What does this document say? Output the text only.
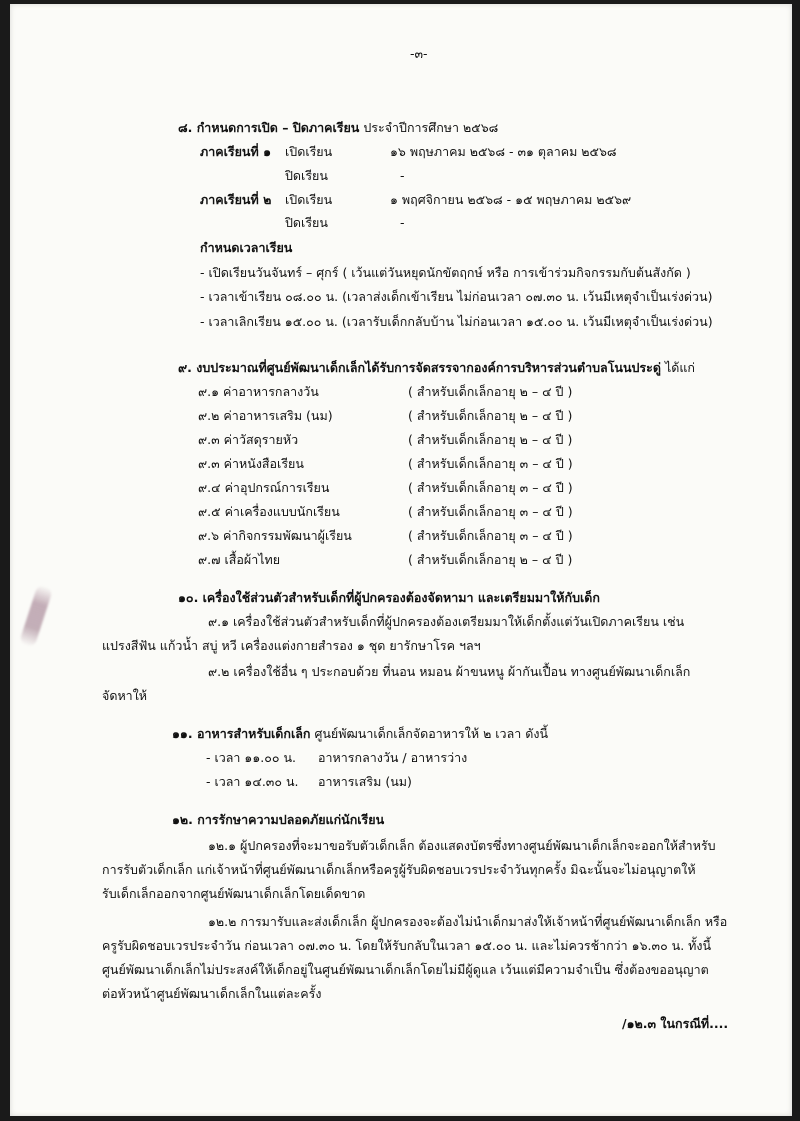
-๓-
๘. กำหนดการเปิด – ปิดภาคเรียน ประจำปีการศึกษา ๒๕๖๘
ภาคเรียนที่ ๑ เปิดเรียน	๑๖ พฤษภาคม ๒๕๖๘ - ๓๑ ตุลาคม ๒๕๖๘
ปิดเรียน	-
ภาคเรียนที่ ๒ เปิดเรียน	๑ พฤศจิกายน ๒๕๖๘ - ๑๕ พฤษภาคม ๒๕๖๙
ปิดเรียน	-
กำหนดเวลาเรียน
- เปิดเรียนวันจันทร์ – ศุกร์ ( เว้นแต่วันหยุดนักขัตฤกษ์ หรือ การเข้าร่วมกิจกรรมกับต้นสังกัด )
- เวลาเข้าเรียน ๐๘.๐๐ น. (เวลาส่งเด็กเข้าเรียน ไม่ก่อนเวลา ๐๗.๓๐ น. เว้นมีเหตุจำเป็นเร่งด่วน)
- เวลาเลิกเรียน ๑๕.๐๐ น. (เวลารับเด็กกลับบ้าน ไม่ก่อนเวลา ๑๕.๐๐ น. เว้นมีเหตุจำเป็นเร่งด่วน)
๙. งบประมาณที่ศูนย์พัฒนาเด็กเล็กได้รับการจัดสรรจากองค์การบริหารส่วนตำบลโนนประดู่ ได้แก่
๙.๑ ค่าอาหารกลางวัน	( สำหรับเด็กเล็กอายุ ๒ – ๔ ปี )
๙.๒ ค่าอาหารเสริม (นม)	( สำหรับเด็กเล็กอายุ ๒ – ๔ ปี )
๙.๓ ค่าวัสดุรายหัว	( สำหรับเด็กเล็กอายุ ๒ – ๔ ปี )
๙.๓ ค่าหนังสือเรียน	( สำหรับเด็กเล็กอายุ ๓ – ๔ ปี )
๙.๔ ค่าอุปกรณ์การเรียน	( สำหรับเด็กเล็กอายุ ๓ – ๔ ปี )
๙.๕ ค่าเครื่องแบบนักเรียน	( สำหรับเด็กเล็กอายุ ๓ – ๔ ปี )
๙.๖ ค่ากิจกรรมพัฒนาผู้เรียน	( สำหรับเด็กเล็กอายุ ๓ – ๔ ปี )
๙.๗ เสื้อผ้าไทย	( สำหรับเด็กเล็กอายุ ๒ – ๔ ปี )
๑๐. เครื่องใช้ส่วนตัวสำหรับเด็กที่ผู้ปกครองต้องจัดหามา และเตรียมมาให้กับเด็ก
๙.๑ เครื่องใช้ส่วนตัวสำหรับเด็กที่ผู้ปกครองต้องเตรียมมาให้เด็กตั้งแต่วันเปิดภาคเรียน เช่น
แปรงสีฟัน แก้วน้ำ สบู่ หวี เครื่องแต่งกายสำรอง ๑ ชุด ยารักษาโรค ฯลฯ
๙.๒ เครื่องใช้อื่น ๆ ประกอบด้วย ที่นอน หมอน ผ้าขนหนู ผ้ากันเปื้อน ทางศูนย์พัฒนาเด็กเล็ก
จัดหาให้
๑๑. อาหารสำหรับเด็กเล็ก ศูนย์พัฒนาเด็กเล็กจัดอาหารให้ ๒ เวลา ดังนี้
- เวลา ๑๑.๐๐ น. อาหารกลางวัน / อาหารว่าง
- เวลา ๑๔.๓๐ น. อาหารเสริม (นม)
๑๒. การรักษาความปลอดภัยแก่นักเรียน
๑๒.๑ ผู้ปกครองที่จะมาขอรับตัวเด็กเล็ก ต้องแสดงบัตรซึ่งทางศูนย์พัฒนาเด็กเล็กจะออกให้สำหรับ
การรับตัวเด็กเล็ก แก่เจ้าหน้าที่ศูนย์พัฒนาเด็กเล็กหรือครูผู้รับผิดชอบเวรประจำวันทุกครั้ง มิฉะนั้นจะไม่อนุญาตให้
รับเด็กเล็กออกจากศูนย์พัฒนาเด็กเล็กโดยเด็ดขาด
๑๒.๒ การมารับและส่งเด็กเล็ก ผู้ปกครองจะต้องไม่นำเด็กมาส่งให้เจ้าหน้าที่ศูนย์พัฒนาเด็กเล็ก หรือ
ครูรับผิดชอบเวรประจำวัน ก่อนเวลา ๐๗.๓๐ น. โดยให้รับกลับในเวลา ๑๕.๐๐ น. และไม่ควรช้ากว่า ๑๖.๓๐ น. ทั้งนี้
ศูนย์พัฒนาเด็กเล็กไม่ประสงค์ให้เด็กอยู่ในศูนย์พัฒนาเด็กเล็กโดยไม่มีผู้ดูแล เว้นแต่มีความจำเป็น ซึ่งต้องขออนุญาต
ต่อหัวหน้าศูนย์พัฒนาเด็กเล็กในแต่ละครั้ง
/๑๒.๓ ในกรณีที่....
